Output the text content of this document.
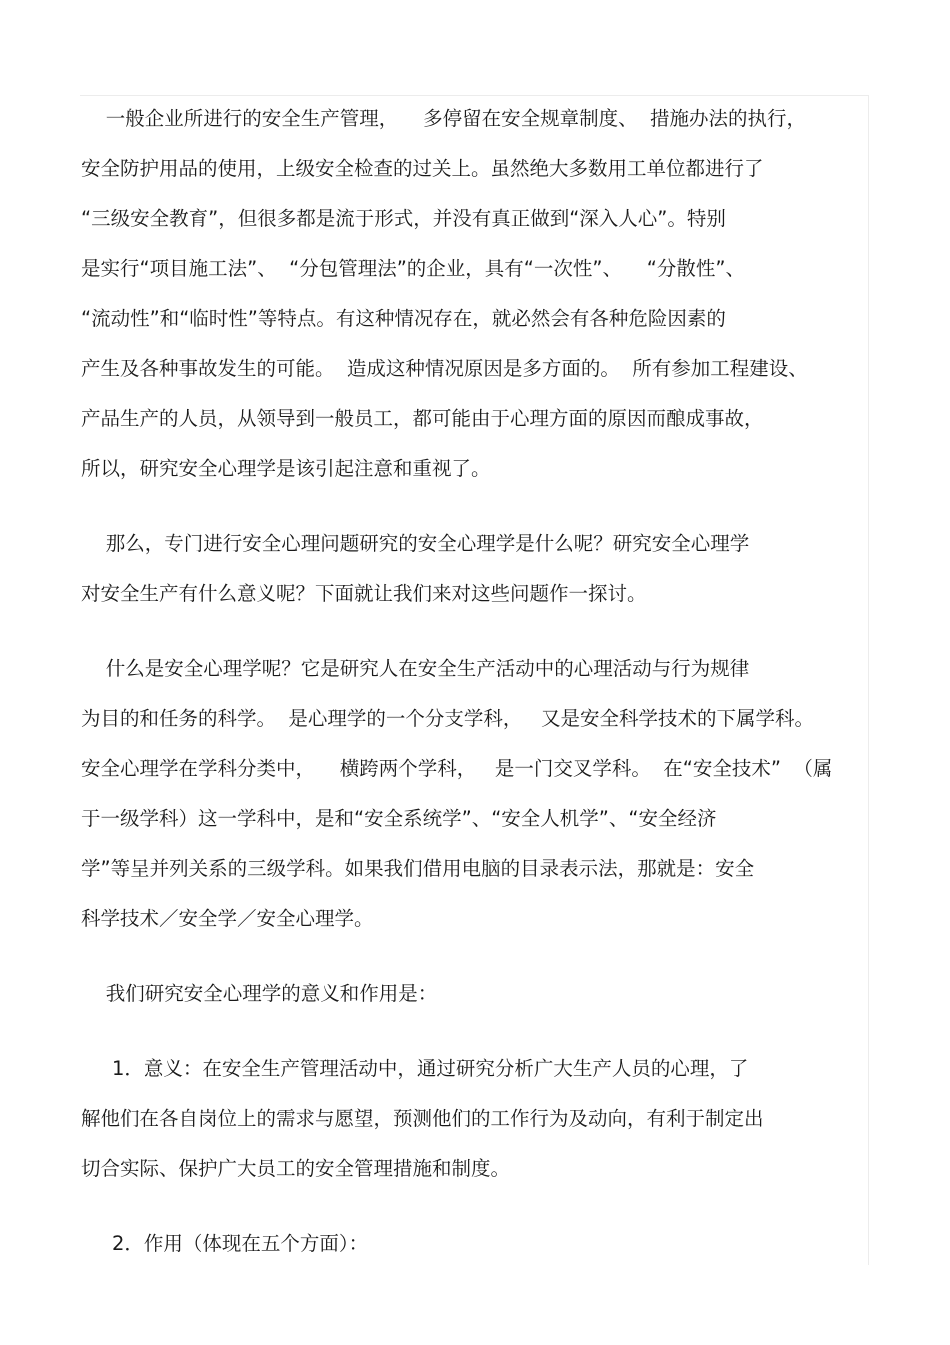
一般企业所进行的安全生产管理，    多停留在安全规章制度、  措施办法的执行，
安全防护用品的使用，上级安全检查的过关上。虽然绝大多数用工单位都进行了
“三级安全教育”，但很多都是流于形式，并没有真正做到“深入人心”。特别
是实行“项目施工法”、  “分包管理法”的企业，具有“一次性”、    “分散性”、
“流动性”和“临时性”等特点。有这种情况存在，就必然会有各种危险因素的
产生及各种事故发生的可能。  造成这种情况原因是多方面的。  所有参加工程建设、
产品生产的人员，从领导到一般员工，都可能由于心理方面的原因而酿成事故，
所以，研究安全心理学是该引起注意和重视了。
那么，专门进行安全心理问题研究的安全心理学是什么呢？研究安全心理学
对安全生产有什么意义呢？下面就让我们来对这些问题作一探讨。
什么是安全心理学呢？它是研究人在安全生产活动中的心理活动与行为规律
为目的和任务的科学。  是心理学的一个分支学科，   又是安全科学技术的下属学科。
安全心理学在学科分类中，    横跨两个学科，   是一门交叉学科。  在“安全技术”  （属
于一级学科）这一学科中，是和“安全系统学”、“安全人机学”、“安全经济
学”等呈并列关系的三级学科。如果我们借用电脑的目录表示法，那就是：安全
科学技术／安全学／安全心理学。
我们研究安全心理学的意义和作用是：
1．意义：在安全生产管理活动中，通过研究分析广大生产人员的心理，了
解他们在各自岗位上的需求与愿望，预测他们的工作行为及动向，有利于制定出
切合实际、保护广大员工的安全管理措施和制度。
2．作用（体现在五个方面）：
